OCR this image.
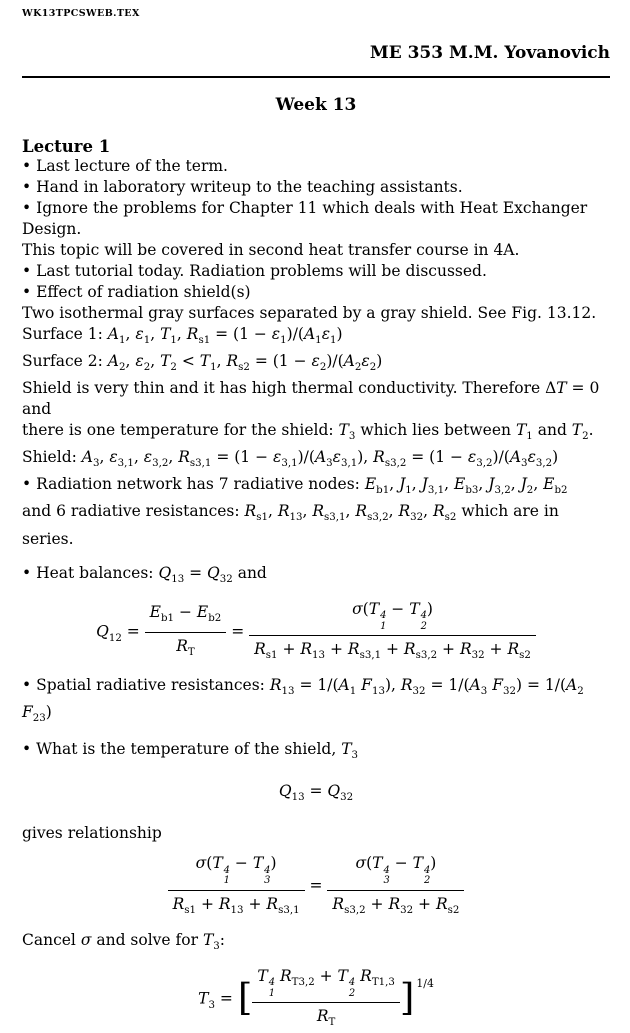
WK13TPCSWEB.TEX
ME 353 M.M. Yovanovich
Week 13
Lecture 1
• Last lecture of the term.
• Hand in laboratory writeup to the teaching assistants.
• Ignore the problems for Chapter 11 which deals with Heat Exchanger Design.
This topic will be covered in second heat transfer course in 4A.
• Last tutorial today. Radiation problems will be discussed.
• Effect of radiation shield(s)
Two isothermal gray surfaces separated by a gray shield. See Fig. 13.12.
Surface 1: $A_1$, $\varepsilon_1$, $T_1$, $R_{s1} = (1 - \varepsilon_1)/(A_1\varepsilon_1)$
Surface 2: $A_2$, $\varepsilon_2$, $T_2 < T_1$, $R_{s2} = (1 - \varepsilon_2)/(A_2\varepsilon_2)$
Shield is very thin and it has high thermal conductivity. Therefore ΔT = 0 and
there is one temperature for the shield: $T_3$ which lies between $T_1$ and $T_2$.
Shield: $A_3$, $\varepsilon_{3,1}$, $\varepsilon_{3,2}$, $R_{s3,1} = (1 - \varepsilon_{3,1})/(A_3\varepsilon_{3,1})$, $R_{s3,2} = (1 - \varepsilon_{3,2})/(A_3\varepsilon_{3,2})$
• Radiation network has 7 radiative nodes: $E_{b1}$, $J_1$, $J_{3,1}$, $E_{b3}$, $J_{3,2}$, $J_2$, $E_{b2}$
and 6 radiative resistances: $R_{s1}$, $R_{13}$, $R_{s3,1}$, $R_{s3,2}$, $R_{32}$, $R_{s2}$ which are in series.
• Heat balances: $Q_{13} = Q_{32}$ and
$Q_{12} = \frac{E_{b1} - E_{b2}}{R_T} = \sigma(T$ 4
1
− T 4
2
)
$R_{s1} + R_{13} + R_{s3,1} + R_{s3,2} + R_{32} + R_{s2}$
• Spatial radiative resistances: $R_{13} = 1/(A_1$ $F_{13}$), $R_{32} = 1/(A_3$ $F_{32}) = 1/(A_2$ $F_{23}$)
• What is the temperature of the shield, $T_3$
$Q_{13} = Q_{32}$
gives relationship
σ(T 4
1
− T 4
3
)
$R_{s1} + R_{13} + R_{s3,1} = \sigma(T$ 4
3
− T 4
2
)
$R_{s3,2} + R_{32} + R_{s2}$
Cancel σ and solve for $T_3$:
$T_3$ = [ T 4
1
$R_{T3,2} + T$ 4
2
$R_{T1,3}$
$R_T$ ] $^{1/4}$
